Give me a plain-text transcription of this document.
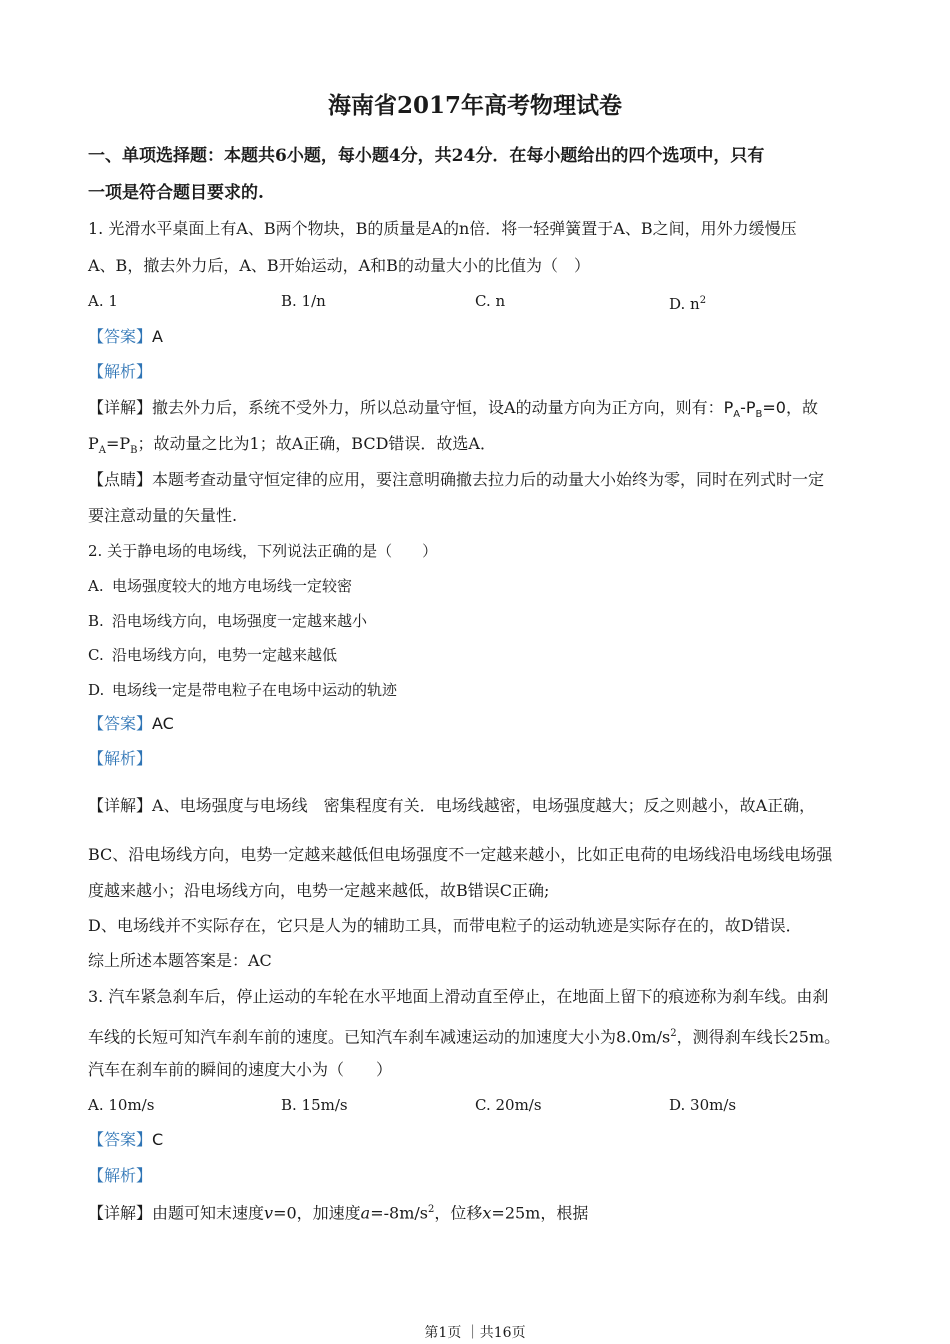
海南省2017年高考物理试卷
一、单项选择题：本题共6小题，每小题4分，共24分．在每小题给出的四个选项中，只有
一项是符合题目要求的.
1. 光滑水平桌面上有A、B两个物块，B的质量是A的n倍．将一轻弹簧置于A、B之间，用外力缓慢压
A、B，撤去外力后，A、B开始运动，A和B的动量大小的比值为（　）
A. 1	B. 1/n	C. n	D. $n^2$
【答案】A
【解析】
【详解】撤去外力后，系统不受外力，所以总动量守恒，设A的动量方向为正方向，则有：$P_A-P_B=0$，故
$P_A=P_B$；故动量之比为1；故A正确，BCD错误．故选A．
【点睛】本题考查动量守恒定律的应用，要注意明确撤去拉力后的动量大小始终为零，同时在列式时一定
要注意动量的矢量性.
2. 关于静电场的电场线，下列说法正确的是（　　）
A. 电场强度较大的地方电场线一定较密
B. 沿电场线方向，电场强度一定越来越小
C. 沿电场线方向，电势一定越来越低
D. 电场线一定是带电粒子在电场中运动的轨迹
【答案】AC
【解析】
【详解】A、电场强度与电场线　密集程度有关．电场线越密，电场强度越大；反之则越小，故A正确，
BC、沿电场线方向，电势一定越来越低但电场强度不一定越来越小，比如正电荷的电场线沿电场线电场强
度越来越小；沿电场线方向，电势一定越来越低，故B错误C正确;
D、电场线并不实际存在，它只是人为的辅助工具，而带电粒子的运动轨迹是实际存在的，故D错误．
综上所述本题答案是：AC
3. 汽车紧急刹车后，停止运动的车轮在水平地面上滑动直至停止，在地面上留下的痕迹称为刹车线。由刹
车线的长短可知汽车刹车前的速度。已知汽车刹车减速运动的加速度大小为$8.0m/s^2$，测得刹车线长25m。
汽车在刹车前的瞬间的速度大小为（　　）
A. 10m/s	B. 15m/s	C. 20m/s	D. 30m/s
【答案】C
【解析】
【详解】由题可知末速度v=0，加速度$a=-8m/s^2$，位移x=25m，根据
第1页 ｜共16页
